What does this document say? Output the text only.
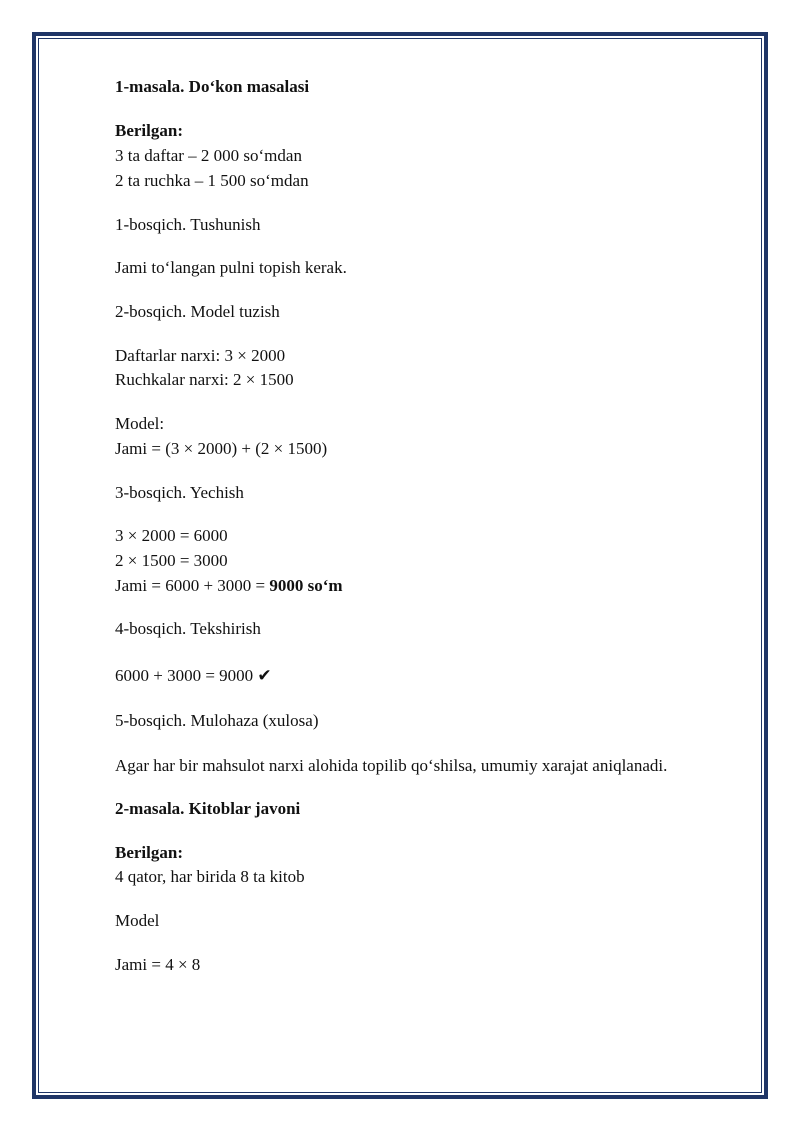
1-masala. Do‘kon masalasi
Berilgan:
3 ta daftar – 2 000 so‘mdan
2 ta ruchka – 1 500 so‘mdan
1-bosqich. Tushunish
Jami to‘langan pulni topish kerak.
2-bosqich. Model tuzish
Daftarlar narxi: 3 × 2000
Ruchkalar narxi: 2 × 1500
Model:
Jami = (3 × 2000) + (2 × 1500)
3-bosqich. Yechish
3 × 2000 = 6000
2 × 1500 = 3000
Jami = 6000 + 3000 = 9000 so‘m
4-bosqich. Tekshirish
6000 + 3000 = 9000 ✔
5-bosqich. Mulohaza (xulosa)
Agar har bir mahsulot narxi alohida topilib qo‘shilsa, umumiy xarajat aniqlanadi.
2-masala. Kitoblar javoni
Berilgan:
4 qator, har birida 8 ta kitob
Model
Jami = 4 × 8
